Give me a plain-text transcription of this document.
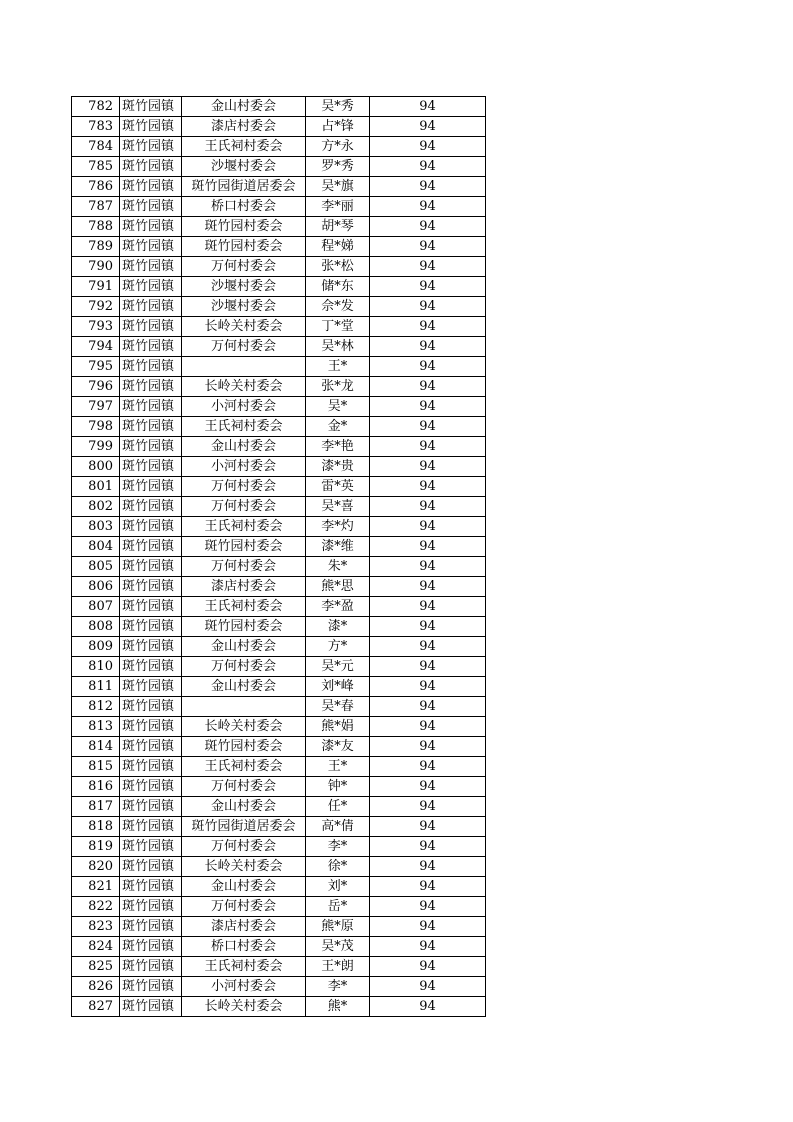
782	斑竹园镇	金山村委会	吴*秀	94
783	斑竹园镇	漆店村委会	占*锋	94
784	斑竹园镇	王氏祠村委会	方*永	94
785	斑竹园镇	沙堰村委会	罗*秀	94
786	斑竹园镇	斑竹园街道居委会	吴*旗	94
787	斑竹园镇	桥口村委会	李*丽	94
788	斑竹园镇	斑竹园村委会	胡*琴	94
789	斑竹园镇	斑竹园村委会	程*娣	94
790	斑竹园镇	万何村委会	张*松	94
791	斑竹园镇	沙堰村委会	储*东	94
792	斑竹园镇	沙堰村委会	佘*发	94
793	斑竹园镇	长岭关村委会	丁*堂	94
794	斑竹园镇	万何村委会	吴*林	94
795	斑竹园镇		王*	94
796	斑竹园镇	长岭关村委会	张*龙	94
797	斑竹园镇	小河村委会	吴*	94
798	斑竹园镇	王氏祠村委会	金*	94
799	斑竹园镇	金山村委会	李*艳	94
800	斑竹园镇	小河村委会	漆*贵	94
801	斑竹园镇	万何村委会	雷*英	94
802	斑竹园镇	万何村委会	吴*喜	94
803	斑竹园镇	王氏祠村委会	李*灼	94
804	斑竹园镇	斑竹园村委会	漆*维	94
805	斑竹园镇	万何村委会	朱*	94
806	斑竹园镇	漆店村委会	熊*思	94
807	斑竹园镇	王氏祠村委会	李*盈	94
808	斑竹园镇	斑竹园村委会	漆*	94
809	斑竹园镇	金山村委会	方*	94
810	斑竹园镇	万何村委会	吴*元	94
811	斑竹园镇	金山村委会	刘*峰	94
812	斑竹园镇		吴*春	94
813	斑竹园镇	长岭关村委会	熊*娟	94
814	斑竹园镇	斑竹园村委会	漆*友	94
815	斑竹园镇	王氏祠村委会	王*	94
816	斑竹园镇	万何村委会	钟*	94
817	斑竹园镇	金山村委会	任*	94
818	斑竹园镇	斑竹园街道居委会	高*倩	94
819	斑竹园镇	万何村委会	李*	94
820	斑竹园镇	长岭关村委会	徐*	94
821	斑竹园镇	金山村委会	刘*	94
822	斑竹园镇	万何村委会	岳*	94
823	斑竹园镇	漆店村委会	熊*原	94
824	斑竹园镇	桥口村委会	吴*茂	94
825	斑竹园镇	王氏祠村委会	王*朗	94
826	斑竹园镇	小河村委会	李*	94
827	斑竹园镇	长岭关村委会	熊*	94
